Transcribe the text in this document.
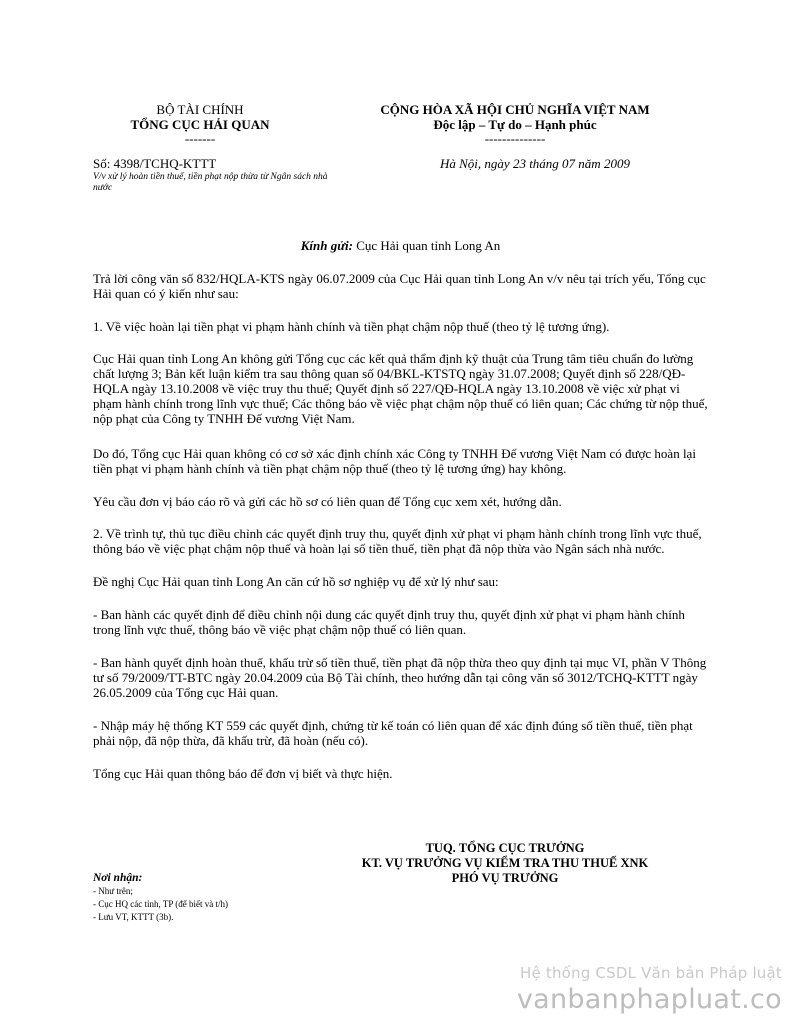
BỘ TÀI CHÍNH
TỔNG CỤC HẢI QUAN
-------
CỘNG HÒA XÃ HỘI CHỦ NGHĨA VIỆT NAM
Độc lập – Tự do – Hạnh phúc
--------------
Số: 4398/TCHQ-KTTT
V/v xử lý hoàn tiền thuế, tiền phạt nộp thừa từ Ngân sách nhà nước
Hà Nội, ngày 23 tháng 07 năm 2009
Kính gửi: Cục Hải quan tỉnh Long An
Trả lời công văn số 832/HQLA-KTS ngày 06.07.2009 của Cục Hải quan tỉnh Long An v/v nêu tại trích yếu, Tổng cục Hải quan có ý kiến như sau:
1. Về việc hoàn lại tiền phạt vi phạm hành chính và tiền phạt chậm nộp thuế (theo tỷ lệ tương ứng).
Cục Hải quan tỉnh Long An không gửi Tổng cục các kết quả thẩm định kỹ thuật của Trung tâm tiêu chuẩn đo lường chất lượng 3; Bản kết luận kiểm tra sau thông quan số 04/BKL-KTSTQ ngày 31.07.2008; Quyết định số 228/QĐ-HQLA ngày 13.10.2008 về việc truy thu thuế; Quyết định số 227/QĐ-HQLA ngày 13.10.2008 về việc xử phạt vi phạm hành chính trong lĩnh vực thuế; Các thông báo về việc phạt chậm nộp thuế có liên quan; Các chứng từ nộp thuế, nộp phạt của Công ty TNHH Đế vương Việt Nam.
Do đó, Tổng cục Hải quan không có cơ sở xác định chính xác Công ty TNHH Đế vương Việt Nam có được hoàn lại tiền phạt vi phạm hành chính và tiền phạt chậm nộp thuế (theo tỷ lệ tương ứng) hay không.
Yêu cầu đơn vị báo cáo rõ và gửi các hồ sơ có liên quan để Tổng cục xem xét, hướng dẫn.
2. Về trình tự, thủ tục điều chỉnh các quyết định truy thu, quyết định xử phạt vi phạm hành chính trong lĩnh vực thuế, thông báo về việc phạt chậm nộp thuế và hoàn lại số tiền thuế, tiền phạt đã nộp thừa vào Ngân sách nhà nước.
Đề nghị Cục Hải quan tỉnh Long An căn cứ hồ sơ nghiệp vụ để xử lý như sau:
- Ban hành các quyết định để điều chỉnh nội dung các quyết định truy thu, quyết định xử phạt vi phạm hành chính trong lĩnh vực thuế, thông báo về việc phạt chậm nộp thuế có liên quan.
- Ban hành quyết định hoàn thuế, khấu trừ số tiền thuế, tiền phạt đã nộp thừa theo quy định tại mục VI, phần V Thông tư số 79/2009/TT-BTC ngày 20.04.2009 của Bộ Tài chính, theo hướng dẫn tại công văn số 3012/TCHQ-KTTT ngày 26.05.2009 của Tổng cục Hải quan.
- Nhập máy hệ thống KT 559 các quyết định, chứng từ kế toán có liên quan để xác định đúng số tiền thuế, tiền phạt phải nộp, đã nộp thừa, đã khấu trừ, đã hoàn (nếu có).
Tổng cục Hải quan thông báo để đơn vị biết và thực hiện.
TUQ. TỔNG CỤC TRƯỞNG
KT. VỤ TRƯỞNG VỤ KIỂM TRA THU THUẾ XNK
PHÓ VỤ TRƯỞNG
Nơi nhận:
- Như trên;
- Cục HQ các tỉnh, TP (để biết và t/h)
- Lưu VT, KTTT (3b).
Hệ thống CSDL Văn bản Pháp luật
vanbanphapluat.co
